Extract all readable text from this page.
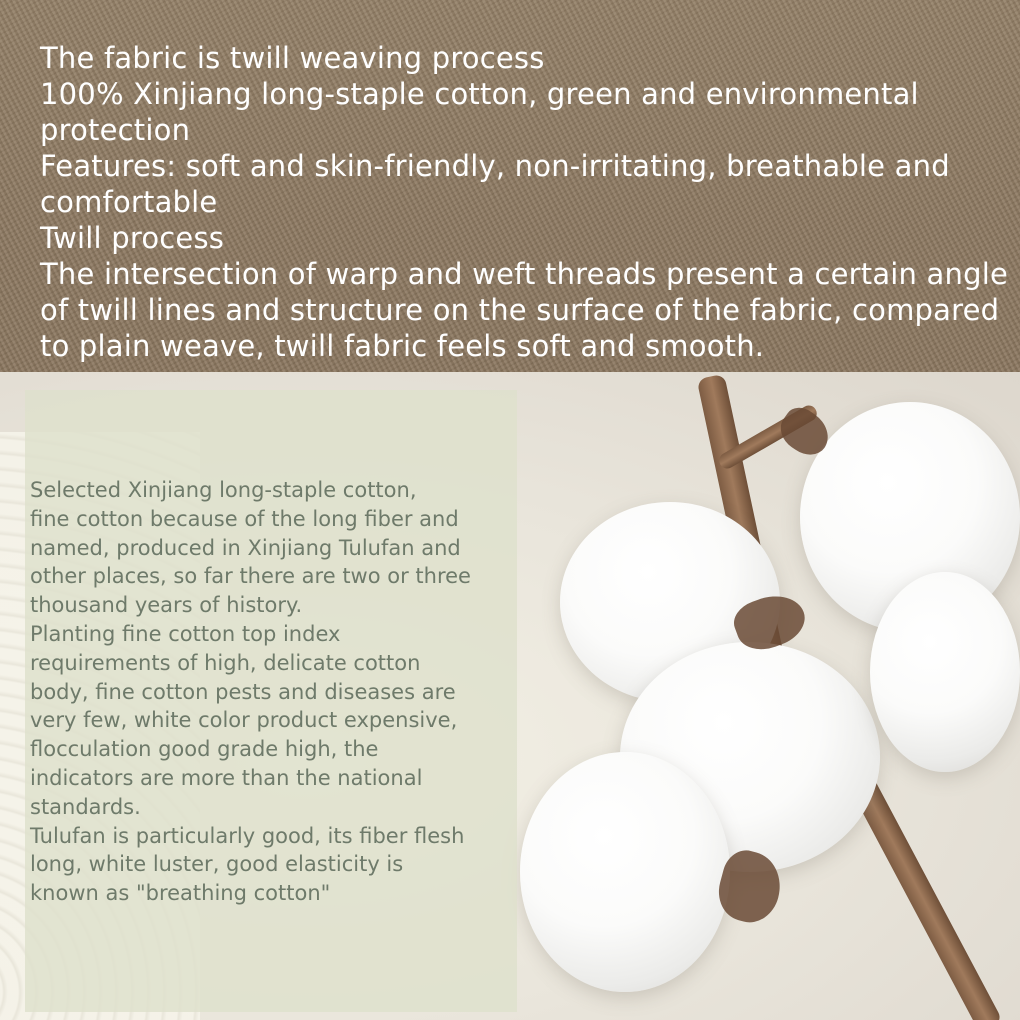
The fabric is twill weaving process
100% Xinjiang long-staple cotton, green and environmental
protection
Features: soft and skin-friendly, non-irritating, breathable and
comfortable
Twill process
The intersection of warp and weft threads present a certain angle
of twill lines and structure on the surface of the fabric, compared
to plain weave, twill fabric feels soft and smooth.
Selected Xinjiang long-staple cotton,
fine cotton because of the long fiber and
named, produced in Xinjiang Tulufan and
other places, so far there are two or three
thousand years of history.
Planting fine cotton top index
requirements of high, delicate cotton
body, fine cotton pests and diseases are
very few, white color product expensive,
flocculation good grade high, the
indicators are more than the national
standards.
Tulufan is particularly good, its fiber flesh
long, white luster, good elasticity is
known as "breathing cotton"
